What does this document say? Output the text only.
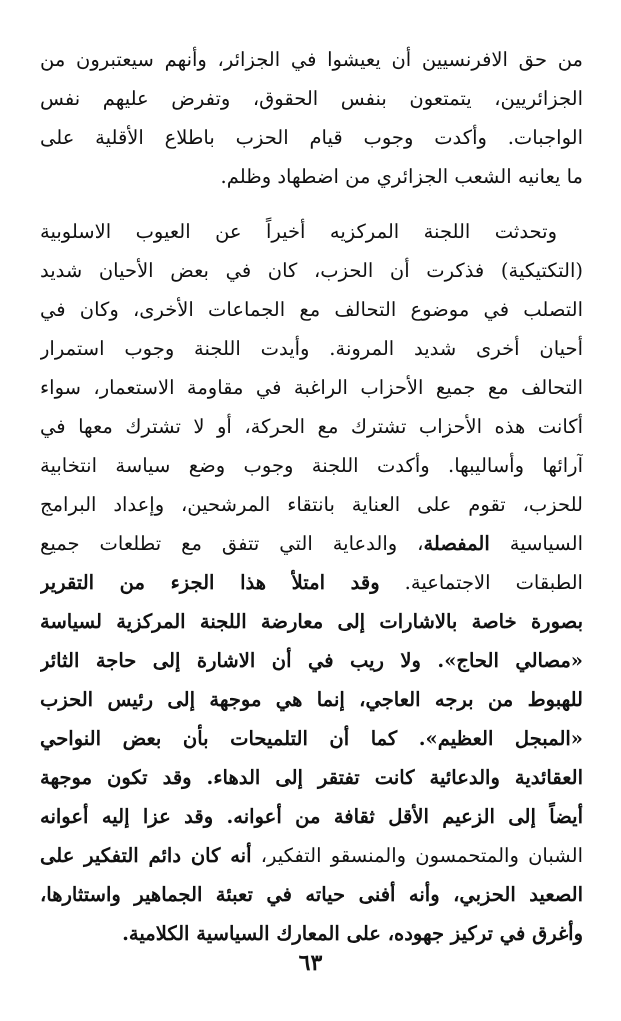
من حق الافرنسيين أن يعيشوا في الجزائر، وأنهم سيعتبرون من
الجزائريين، يتمتعون بنفس الحقوق، وتفرض عليهم نفس
الواجبات. وأكدت وجوب قيام الحزب باطلاع الأقلية على
ما يعانيه الشعب الجزائري من اضطهاد وظلم.
وتحدثت اللجنة المركزيه أخيراً عن العيوب الاسلوبية
(التكتيكية) فذكرت أن الحزب، كان في بعض الأحيان شديد
التصلب في موضوع التحالف مع الجماعات الأخرى، وكان في
أحيان أخرى شديد المرونة. وأيدت اللجنة وجوب استمرار
التحالف مع جميع الأحزاب الراغبة في مقاومة الاستعمار، سواء
أكانت هذه الأحزاب تشترك مع الحركة، أو لا تشترك معها في
آرائها وأساليبها. وأكدت اللجنة وجوب وضع سياسة انتخابية
للحزب، تقوم على العناية بانتقاء المرشحين، وإعداد البرامج
السياسية المفصلة، والدعاية التي تتفق مع تطلعات جميع
الطبقات الاجتماعية. وقد امتلأ هذا الجزء من التقرير
بصورة خاصة بالاشارات إلى معارضة اللجنة المركزية لسياسة
«مصالي الحاج». ولا ريب في أن الاشارة إلى حاجة الثائر
للهبوط من برجه العاجي، إنما هي موجهة إلى رئيس الحزب
«المبجل العظيم». كما أن التلميحات بأن بعض النواحي
العقائدية والدعائية كانت تفتقر إلى الدهاء. وقد تكون موجهة
أيضاً إلى الزعيم الأقل ثقافة من أعوانه. وقد عزا إليه أعوانه
الشبان والمتحمسون والمنسقو التفكير، أنه كان دائم التفكير على
الصعيد الحزبي، وأنه أفنى حياته في تعبئة الجماهير واستثارها،
وأغرق في تركيز جهوده، على المعارك السياسية الكلامية.
٦٣
